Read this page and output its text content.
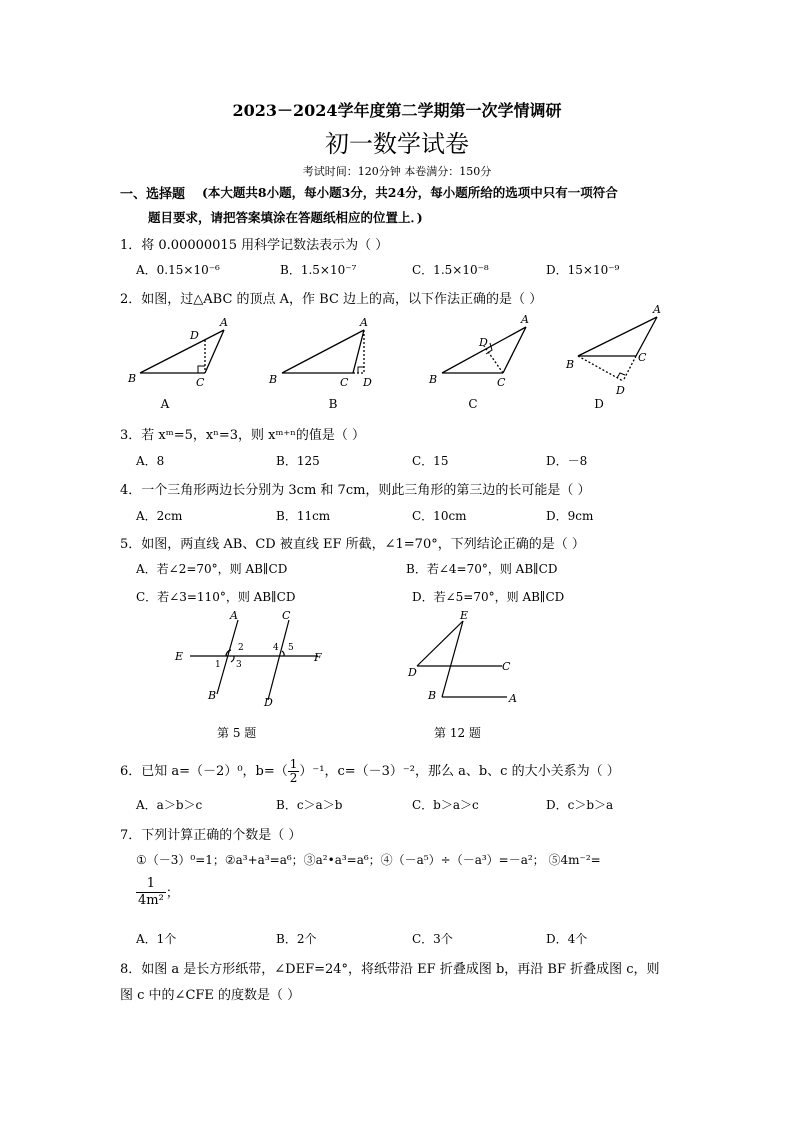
2023－2024学年度第二学期第一次学情调研
初一数学试卷
考试时间：120分钟 本卷满分：150分
一、选择题 (本大题共8小题，每小题3分，共24分，每小题所给的选项中只有一项符合
题目要求，请把答案填涂在答题纸相应的位置上．)
1．将 0.00000015 用科学记数法表示为（ ）
A．0.15×10⁻⁶	B．1.5×10⁻⁷	C．1.5×10⁻⁸	D．15×10⁻⁹
2．如图，过△ABC 的顶点 A，作 BC 边上的高，以下作法正确的是（ ）
B	C
D
A
B	C D
A
B	C
D
A
B
C
D
A
A	B	C	D
3．若 xᵐ=5，xⁿ=3，则 xᵐ⁺ⁿ的值是（ ）
A．8	B．125	C．15	D．－8
4．一个三角形两边长分别为 3cm 和 7cm，则此三角形的第三边的长可能是（ ）
A．2cm	B．11cm	C．10cm	D．9cm
5．如图，两直线 AB、CD 被直线 EF 所截，∠1=70°，下列结论正确的是（ ）
A．若∠2=70°，则 AB∥CD	B．若∠4=70°，则 AB∥CD
C．若∠3=110°，则 AB∥CD	D．若∠5=70°，则 AB∥CD
E	F
A	C
B
D
1
2
3
4 5
E
C
D
B	A
第 5 题	第 12 题
6．已知 a=（－2）⁰，$b=( \frac{1}{2} )^{-1}$，c=（－3）⁻²，那么 a、b、c 的大小关系为（ ）
A．a＞b＞c	B．c＞a＞b	C．b＞a＞c	D．c＞b＞a
7．下列计算正确的个数是（ ）
①（－3）⁰=1；②a³+a³=a⁶；③a²•a³=a⁶；④（－a⁵）÷（－a³）=－a²； ⑤4m⁻²=
$\frac{1}{\text{4m²}}$ ；
A．1个	B．2个	C．3个	D．4个
8．如图 a 是长方形纸带，∠DEF=24°，将纸带沿 EF 折叠成图 b，再沿 BF 折叠成图 c，则
图 c 中的∠CFE 的度数是（ ）
